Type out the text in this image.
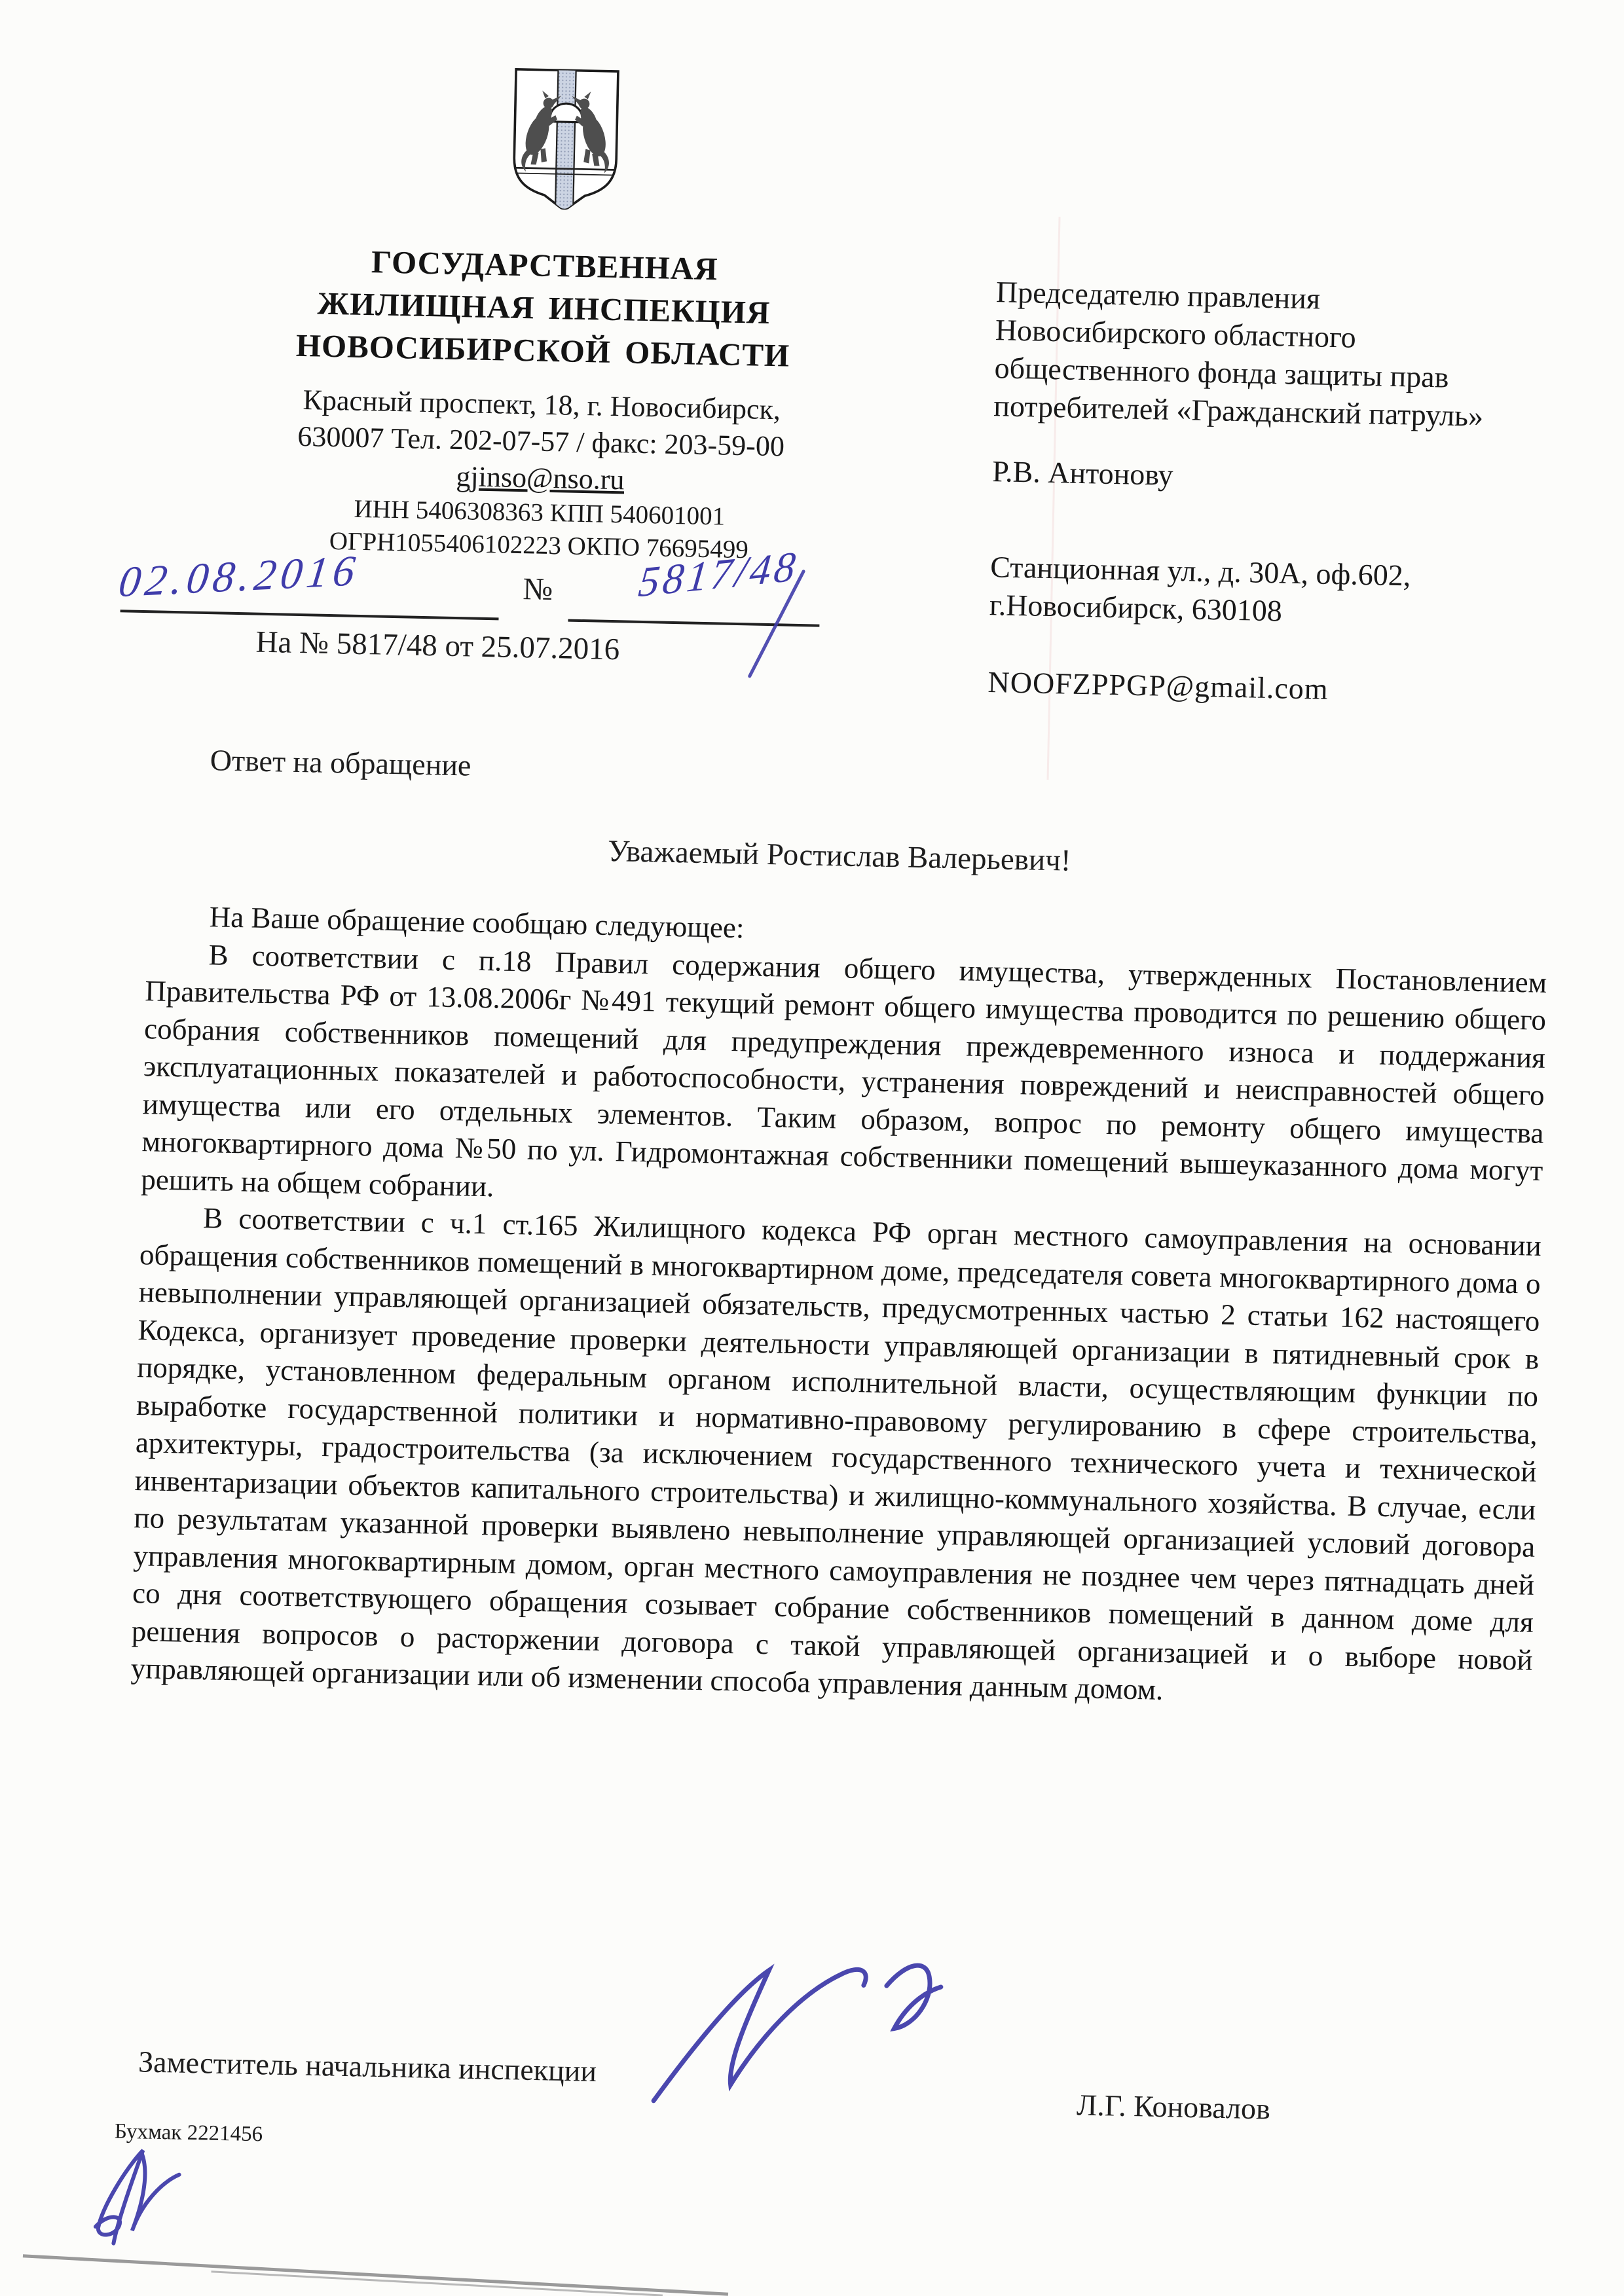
ГОСУДАРСТВЕННАЯ
ЖИЛИЩНАЯ ИНСПЕКЦИЯ
НОВОСИБИРСКОЙ ОБЛАСТИ
Красный проспект, 18, г. Новосибирск,
630007 Тел. 202-07-57 / факс: 203-59-00
gjinso@nso.ru
ИНН 5406308363 КПП 540601001
ОГРН1055406102223 ОКПО 76695499
02.08.2016	№ 5817/48
На № 5817/48 от 25.07.2016
Председателю правления
Новосибирского областного
общественного фонда защиты прав
потребителей «Гражданский патруль»
Р.В. Антонову
Станционная ул., д. 30А, оф.602,
г.Новосибирск, 630108
NOOFZPPGP@gmail.com
Ответ на обращение
Уважаемый Ростислав Валерьевич!

На Ваше обращение сообщаю следующее:

В соответствии с п.18 Правил содержания общего имущества, утвержденных Постановлением Правительства РФ от 13.08.2006г №491 текущий ремонт общего имущества проводится по решению общего собрания собственников помещений для предупреждения преждевременного износа и поддержания эксплуатационных показателей и работоспособности, устранения повреждений и неисправностей общего имущества или его отдельных элементов. Таким образом, вопрос по ремонту общего имущества многоквартирного дома №50 по ул. Гидромонтажная собственники помещений вышеуказанного дома могут решить на общем собрании.

В соответствии с ч.1 ст.165 Жилищного кодекса РФ орган местного самоуправления на основании обращения собственников помещений в многоквартирном доме, председателя совета многоквартирного дома о невыполнении управляющей организацией обязательств, предусмотренных частью 2 статьи 162 настоящего Кодекса, организует проведение проверки деятельности управляющей организации в пятидневный срок в порядке, установленном федеральным органом исполнительной власти, осуществляющим функции по выработке государственной политики и нормативно-правовому регулированию в сфере строительства, архитектуры, градостроительства (за исключением государственного технического учета и технической инвентаризации объектов капитального строительства) и жилищно-коммунального хозяйства. В случае, если по результатам указанной проверки выявлено невыполнение управляющей организацией условий договора управления многоквартирным домом, орган местного самоуправления не позднее чем через пятнадцать дней со дня соответствующего обращения созывает собрание собственников помещений в данном доме для решения вопросов о расторжении договора с такой управляющей организацией и о выборе новой управляющей организации или об изменении способа управления данным домом.

Заместитель начальника инспекции
Л.Г. Коновалов
Бухмак 2221456
